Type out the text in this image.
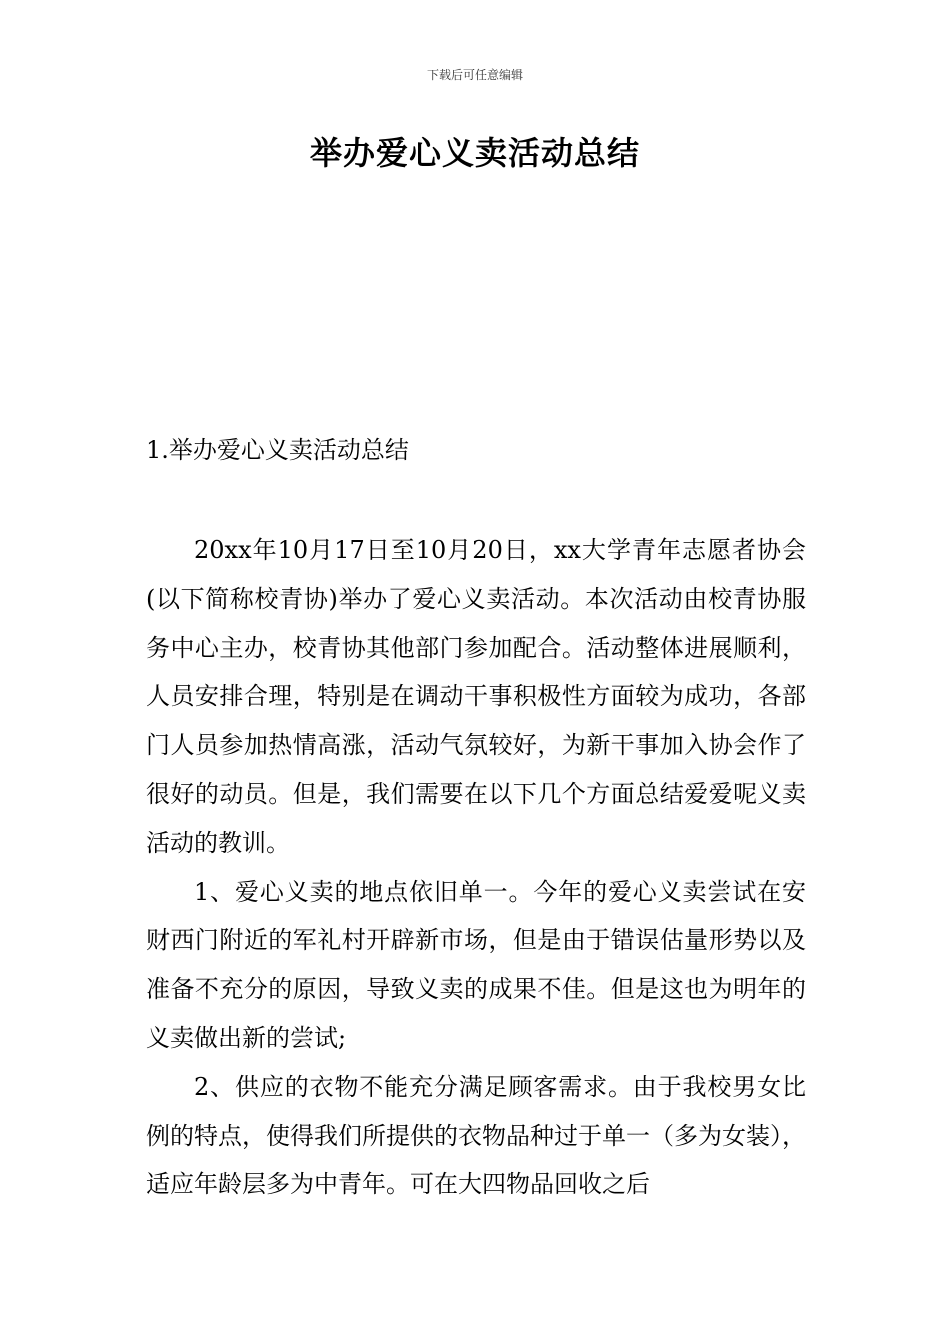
下载后可任意编辑
举办爱心义卖活动总结
1.举办爱心义卖活动总结

20xx年10月17日至10月20日，xx大学青年志愿者协会(以下简称校青协)举办了爱心义卖活动。本次活动由校青协服务中心主办，校青协其他部门参加配合。活动整体进展顺利，人员安排合理，特别是在调动干事积极性方面较为成功，各部门人员参加热情高涨，活动气氛较好，为新干事加入协会作了很好的动员。但是，我们需要在以下几个方面总结爱爱呢义卖活动的教训。

1、爱心义卖的地点依旧单一。今年的爱心义卖尝试在安财西门附近的军礼村开辟新市场，但是由于错误估量形势以及准备不充分的原因，导致义卖的成果不佳。但是这也为明年的义卖做出新的尝试;

2、供应的衣物不能充分满足顾客需求。由于我校男女比例的特点，使得我们所提供的衣物品种过于单一（多为女装），适应年龄层多为中青年。可在大四物品回收之后
